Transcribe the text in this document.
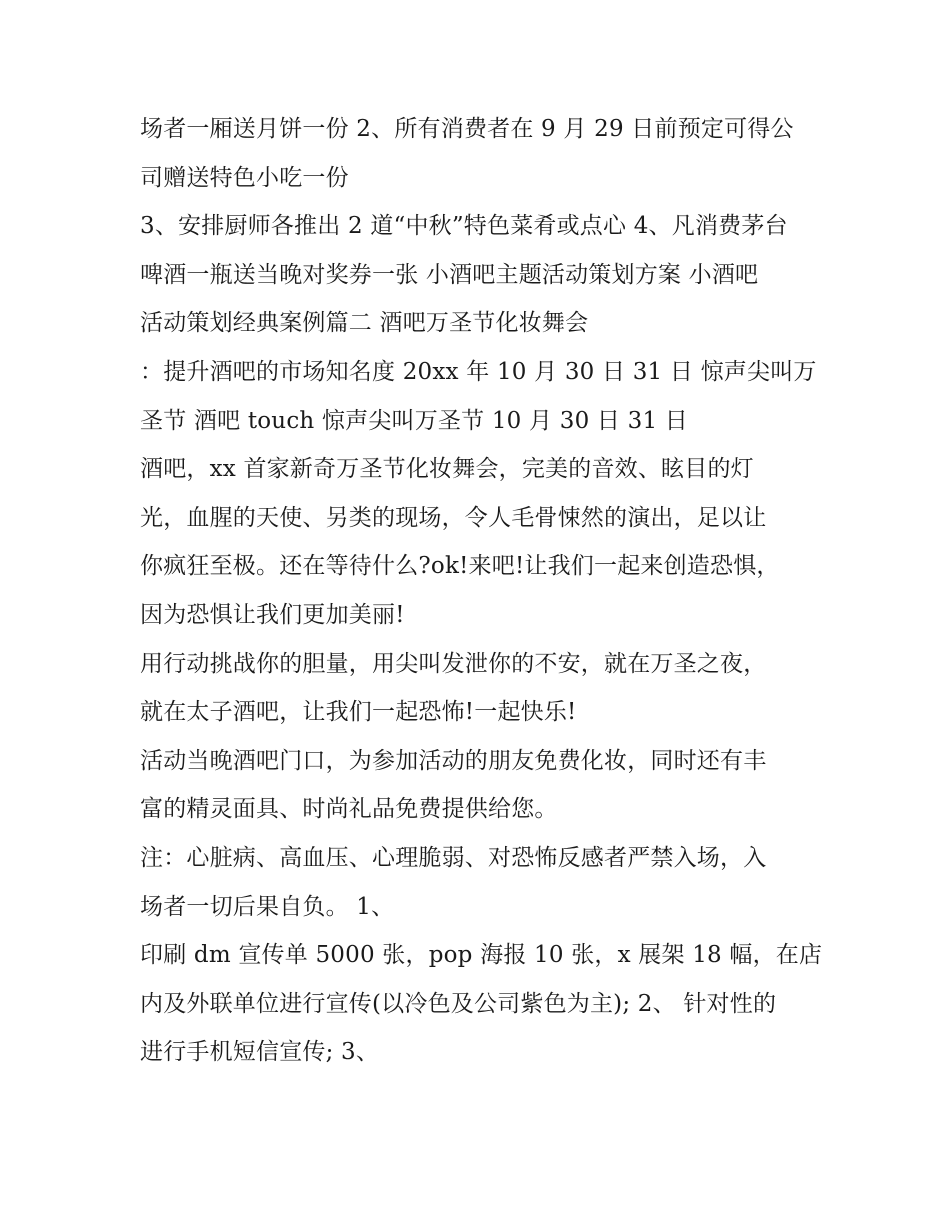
场者一厢送月饼一份 2、所有消费者在 9 月 29 日前预定可得公
司赠送特色小吃一份
3、安排厨师各推出 2 道“中秋”特色菜肴或点心 4、凡消费茅台
啤酒一瓶送当晚对奖券一张 小酒吧主题活动策划方案 小酒吧
活动策划经典案例篇二 酒吧万圣节化妆舞会
：提升酒吧的市场知名度 20xx 年 10 月 30 日 31 日 惊声尖叫万
圣节 酒吧 touch 惊声尖叫万圣节 10 月 30 日 31 日
酒吧，xx 首家新奇万圣节化妆舞会，完美的音效、眩目的灯
光，血腥的天使、另类的现场，令人毛骨悚然的演出，足以让
你疯狂至极。还在等待什么?ok!来吧!让我们一起来创造恐惧，
因为恐惧让我们更加美丽!
用行动挑战你的胆量，用尖叫发泄你的不安，就在万圣之夜，
就在太子酒吧，让我们一起恐怖!一起快乐!
活动当晚酒吧门口，为参加活动的朋友免费化妆，同时还有丰
富的精灵面具、时尚礼品免费提供给您。
注：心脏病、高血压、心理脆弱、对恐怖反感者严禁入场，入
场者一切后果自负。 1、
印刷 dm 宣传单 5000 张，pop 海报 10 张，x 展架 18 幅，在店
内及外联单位进行宣传(以冷色及公司紫色为主); 2、 针对性的
进行手机短信宣传; 3、
